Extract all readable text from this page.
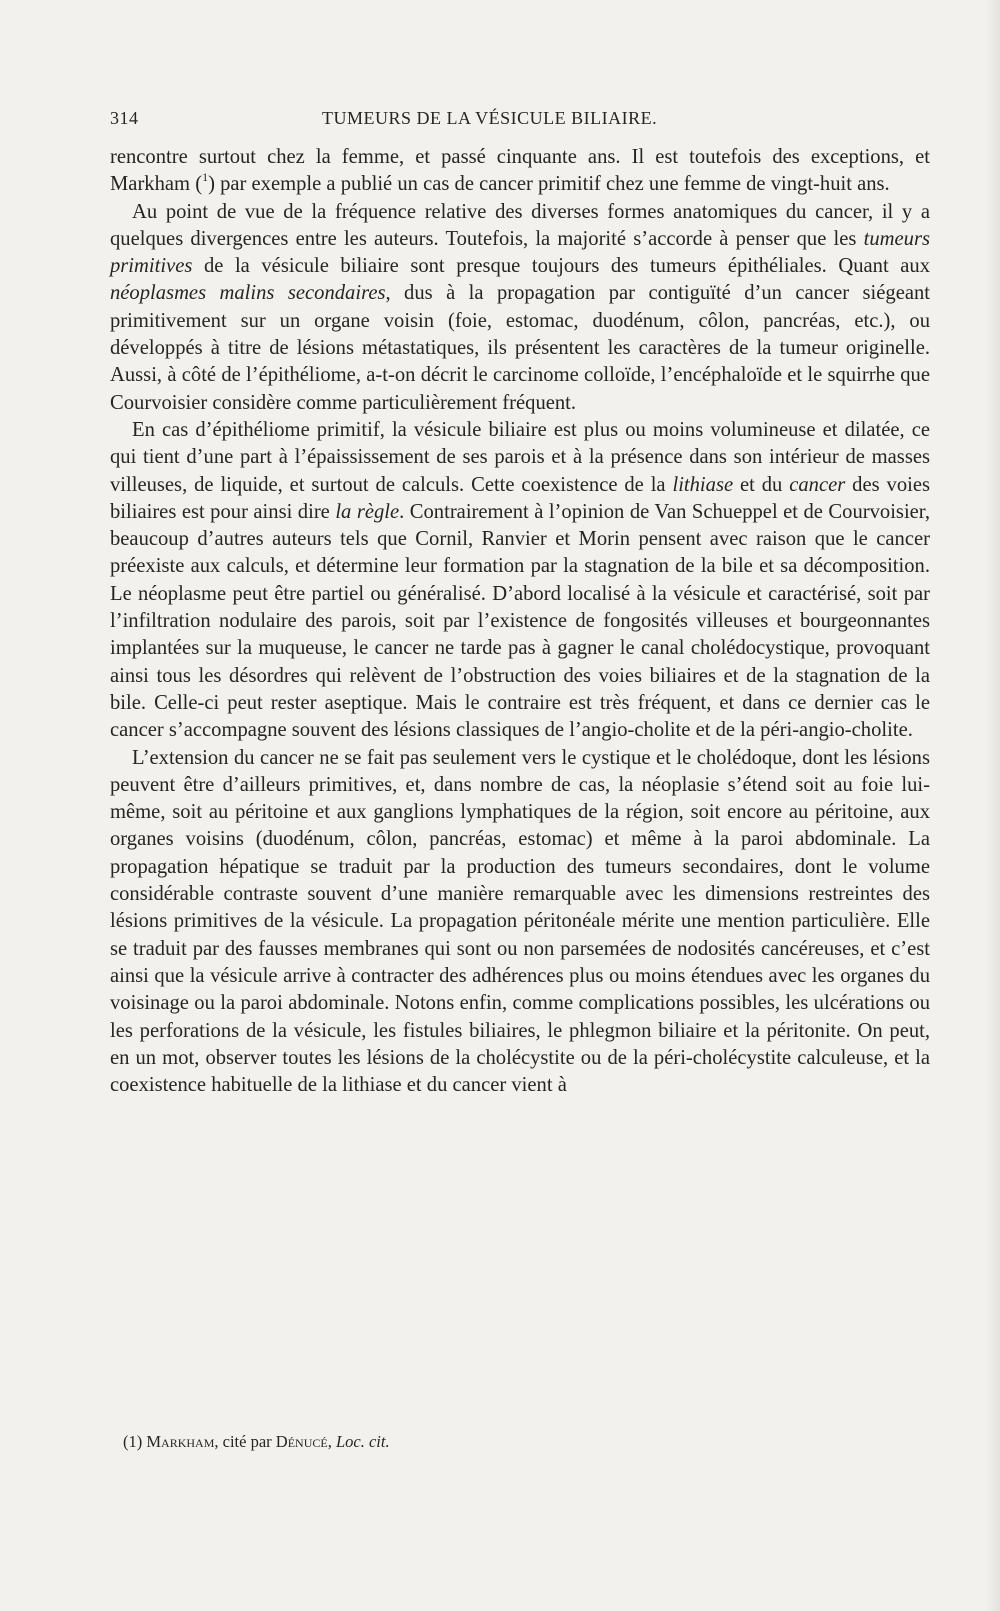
314	TUMEURS DE LA VÉSICULE BILIAIRE.

rencontre surtout chez la femme, et passé cinquante ans. Il est toutefois des exceptions, et Markham ($^1$) par exemple a publié un cas de cancer primitif chez une femme de vingt-huit ans.

Au point de vue de la fréquence relative des diverses formes anatomiques du cancer, il y a quelques divergences entre les auteurs. Toutefois, la majorité s’accorde à penser que les tumeurs primitives de la vésicule biliaire sont presque toujours des tumeurs épithéliales. Quant aux néoplasmes malins secondaires, dus à la propagation par contiguïté d’un cancer siégeant primitivement sur un organe voisin (foie, estomac, duodénum, côlon, pancréas, etc.), ou développés à titre de lésions métastatiques, ils présentent les caractères de la tumeur originelle. Aussi, à côté de l’épithéliome, a-t-on décrit le carcinome colloïde, l’encéphaloïde et le squirrhe que Courvoisier considère comme particulièrement fréquent.

En cas d’épithéliome primitif, la vésicule biliaire est plus ou moins volumineuse et dilatée, ce qui tient d’une part à l’épaississement de ses parois et à la présence dans son intérieur de masses villeuses, de liquide, et surtout de calculs. Cette coexistence de la lithiase et du cancer des voies biliaires est pour ainsi dire la règle. Contrairement à l’opinion de Van Schueppel et de Courvoisier, beaucoup d’autres auteurs tels que Cornil, Ranvier et Morin pensent avec raison que le cancer préexiste aux calculs, et détermine leur formation par la stagnation de la bile et sa décomposition. Le néoplasme peut être partiel ou généralisé. D’abord localisé à la vésicule et caractérisé, soit par l’infiltration nodulaire des parois, soit par l’existence de fongosités villeuses et bourgeonnantes implantées sur la muqueuse, le cancer ne tarde pas à gagner le canal cholédocystique, provoquant ainsi tous les désordres qui relèvent de l’obstruction des voies biliaires et de la stagnation de la bile. Celle-ci peut rester aseptique. Mais le contraire est très fréquent, et dans ce dernier cas le cancer s’accompagne souvent des lésions classiques de l’angio-cholite et de la péri-angio-cholite.

L’extension du cancer ne se fait pas seulement vers le cystique et le cholédoque, dont les lésions peuvent être d’ailleurs primitives, et, dans nombre de cas, la néoplasie s’étend soit au foie lui-même, soit au péritoine et aux ganglions lymphatiques de la région, soit encore au péritoine, aux organes voisins (duodénum, côlon, pancréas, estomac) et même à la paroi abdominale. La propagation hépatique se traduit par la production des tumeurs secondaires, dont le volume considérable contraste souvent d’une manière remarquable avec les dimensions restreintes des lésions primitives de la vésicule. La propagation péritonéale mérite une mention particulière. Elle se traduit par des fausses membranes qui sont ou non parsemées de nodosités cancéreuses, et c’est ainsi que la vésicule arrive à contracter des adhérences plus ou moins étendues avec les organes du voisinage ou la paroi abdominale. Notons enfin, comme complications possibles, les ulcérations ou les perforations de la vésicule, les fistules biliaires, le phlegmon biliaire et la péritonite. On peut, en un mot, observer toutes les lésions de la cholécystite ou de la péri-cholécystite calculeuse, et la coexistence habituelle de la lithiase et du cancer vient à

(1) Markham, cité par Dénucé, Loc. cit.
